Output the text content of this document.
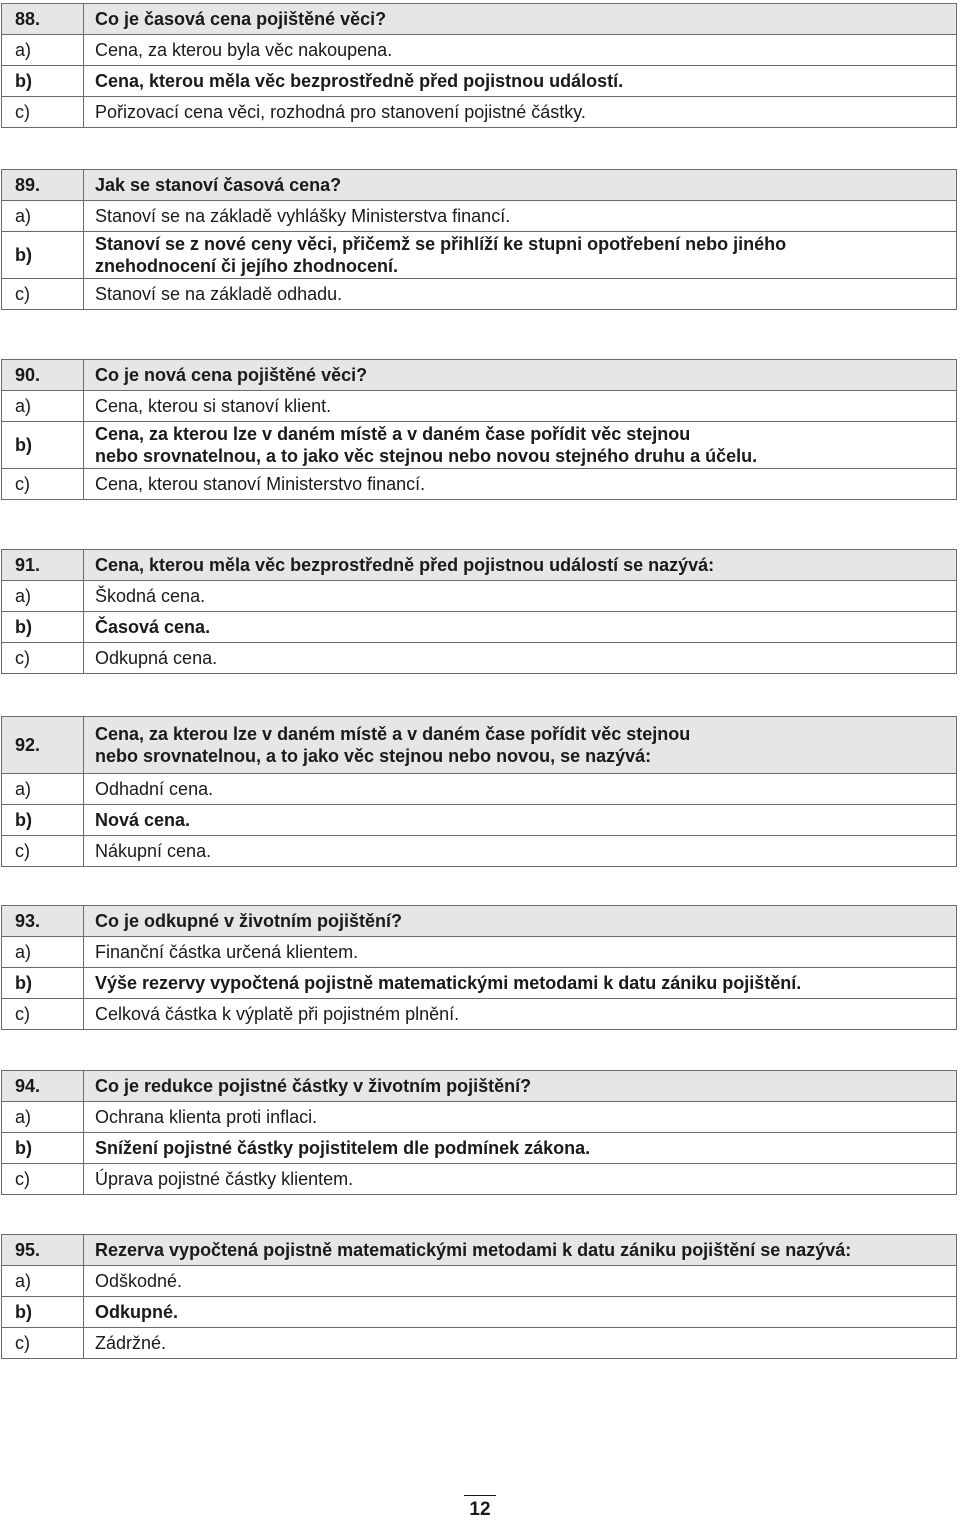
88.	Co je časová cena pojištěné věci?

a)	Cena, za kterou byla věc nakoupena.

b)	Cena, kterou měla věc bezprostředně před pojistnou událostí.

c)	Pořizovací cena věci, rozhodná pro stanovení pojistné částky.
89.	Jak se stanoví časová cena?

a)	Stanoví se na základě vyhlášky Ministerstva financí.

b)	Stanoví se z nové ceny věci, přičemž se přihlíží ke stupni opotřebení nebo jiného
znehodnocení či jejího zhodnocení.

c)	Stanoví se na základě odhadu.
90.	Co je nová cena pojištěné věci?

a)	Cena, kterou si stanoví klient.

b)	Cena, za kterou lze v daném místě a v daném čase pořídit věc stejnou
nebo srovnatelnou, a to jako věc stejnou nebo novou stejného druhu a účelu.

c)	Cena, kterou stanoví Ministerstvo financí.
91.	Cena, kterou měla věc bezprostředně před pojistnou událostí se nazývá:

a)	Škodná cena.

b)	Časová cena.

c)	Odkupná cena.
92.	Cena, za kterou lze v daném místě a v daném čase pořídit věc stejnou
nebo srovnatelnou, a to jako věc stejnou nebo novou, se nazývá:

a)	Odhadní cena.

b)	Nová cena.

c)	Nákupní cena.
93.	Co je odkupné v životním pojištění?

a)	Finanční částka určená klientem.

b)	Výše rezervy vypočtená pojistně matematickými metodami k datu zániku pojištění.

c)	Celková částka k výplatě při pojistném plnění.
94.	Co je redukce pojistné částky v životním pojištění?

a)	Ochrana klienta proti inflaci.

b)	Snížení pojistné částky pojistitelem dle podmínek zákona.

c)	Úprava pojistné částky klientem.
95.	Rezerva vypočtená pojistně matematickými metodami k datu zániku pojištění se nazývá:

a)	Odškodné.

b)	Odkupné.

c)	Zádržné.
12
